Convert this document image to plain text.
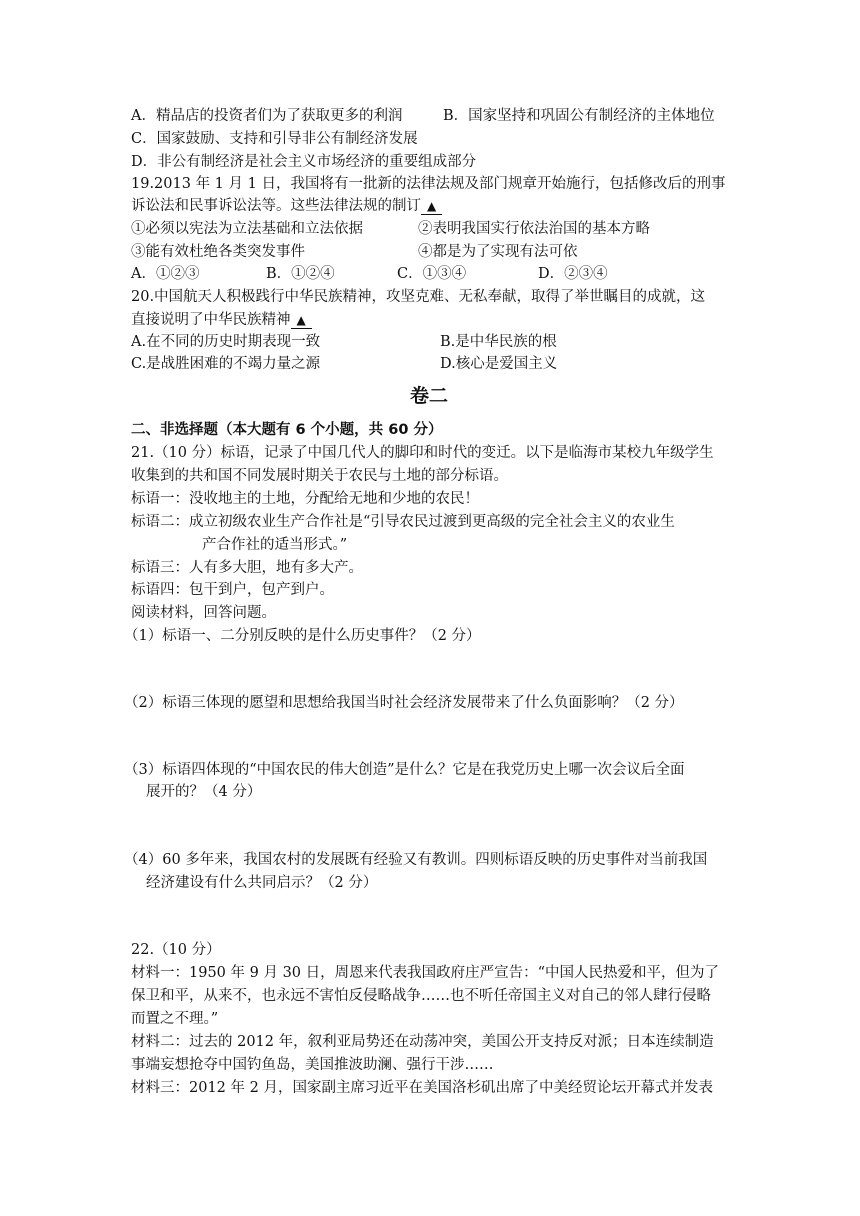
A．精品店的投资者们为了获取更多的利润	B．国家坚持和巩固公有制经济的主体地位
C．国家鼓励、支持和引导非公有制经济发展
D．非公有制经济是社会主义市场经济的重要组成部分
19.2013 年 1 月 1 日，我国将有一批新的法律法规及部门规章开始施行，包括修改后的刑事
诉讼法和民事诉讼法等。这些法律法规的制订 ▲
①必须以宪法为立法基础和立法依据	②表明我国实行依法治国的基本方略
③能有效杜绝各类突发事件	④都是为了实现有法可依
A．①②③	B．①②④	C．①③④	D．②③④
20.中国航天人积极践行中华民族精神，攻坚克难、无私奉献，取得了举世瞩目的成就，这
直接说明了中华民族精神 ▲
A.在不同的历史时期表现一致	B.是中华民族的根
C.是战胜困难的不竭力量之源	D.核心是爱国主义
卷二
二、非选择题（本大题有 6 个小题，共 60 分）
21.（10 分）标语，记录了中国几代人的脚印和时代的变迁。以下是临海市某校九年级学生
收集到的共和国不同发展时期关于农民与土地的部分标语。
标语一：没收地主的土地，分配给无地和少地的农民！
标语二：成立初级农业生产合作社是“引导农民过渡到更高级的完全社会主义的农业生
产合作社的适当形式。”
标语三：人有多大胆，地有多大产。
标语四：包干到户，包产到户。
阅读材料，回答问题。
（1）标语一、二分别反映的是什么历史事件？（2 分）
（2）标语三体现的愿望和思想给我国当时社会经济发展带来了什么负面影响？（2 分）
（3）标语四体现的“中国农民的伟大创造”是什么？它是在我党历史上哪一次会议后全面
展开的？（4 分）
（4）60 多年来，我国农村的发展既有经验又有教训。四则标语反映的历史事件对当前我国
经济建设有什么共同启示？（2 分）
22.（10 分）
材料一：1950 年 9 月 30 日，周恩来代表我国政府庄严宣告：“中国人民热爱和平，但为了
保卫和平，从来不，也永远不害怕反侵略战争……也不听任帝国主义对自己的邻人肆行侵略
而置之不理。”
材料二：过去的 2012 年，叙利亚局势还在动荡冲突，美国公开支持反对派；日本连续制造
事端妄想抢夺中国钓鱼岛，美国推波助澜、强行干涉……
材料三：2012 年 2 月，国家副主席习近平在美国洛杉矶出席了中美经贸论坛开幕式并发表
